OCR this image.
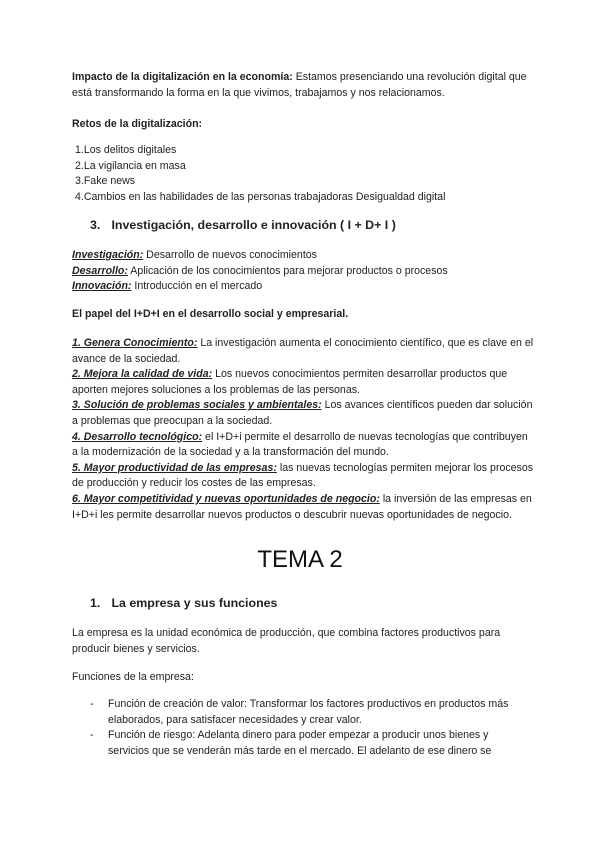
Impacto de la digitalización en la economía: Estamos presenciando una revolución digital que está transformando la forma en la que vivimos, trabajamos y nos relacionamos.

Retos de la digitalización:

1.Los delitos digitales

2.La vigilancia en masa

3.Fake news

4.Cambios en las habilidades de las personas trabajadoras Desigualdad digital

3. Investigación, desarrollo e innovación ( I + D+ I )

Investigación: Desarrollo de nuevos conocimientos

Desarrollo: Aplicación de los conocimientos para mejorar productos o procesos

Innovación: Introducción en el mercado

El papel del I+D+I en el desarrollo social y empresarial.

1. Genera Conocimiento: La investigación aumenta el conocimiento científico, que es clave en el avance de la sociedad.

2. Mejora la calidad de vida: Los nuevos conocimientos permiten desarrollar productos que aporten mejores soluciones a los problemas de las personas.

3. Solución de problemas sociales y ambientales: Los avances científicos pueden dar solución a problemas que preocupan a la sociedad.

4. Desarrollo tecnológico: el I+D+i permite el desarrollo de nuevas tecnologías que contribuyen a la modernización de la sociedad y a la transformación del mundo.

5. Mayor productividad de las empresas: las nuevas tecnologías permiten mejorar los procesos de producción y reducir los costes de las empresas.

6. Mayor competitividad y nuevas oportunidades de negocio: la inversión de las empresas en I+D+i les permite desarrollar nuevos productos o descubrir nuevas oportunidades de negocio.

TEMA 2
1. La empresa y sus funciones

La empresa es la unidad económica de producción, que combina factores productivos para producir bienes y servicios.

Funciones de la empresa:

- Función de creación de valor: Transformar los factores productivos en productos más elaborados, para satisfacer necesidades y crear valor.
- Función de riesgo: Adelanta dinero para poder empezar a producir unos bienes y servicios que se venderán más tarde en el mercado. El adelanto de ese dinero se
